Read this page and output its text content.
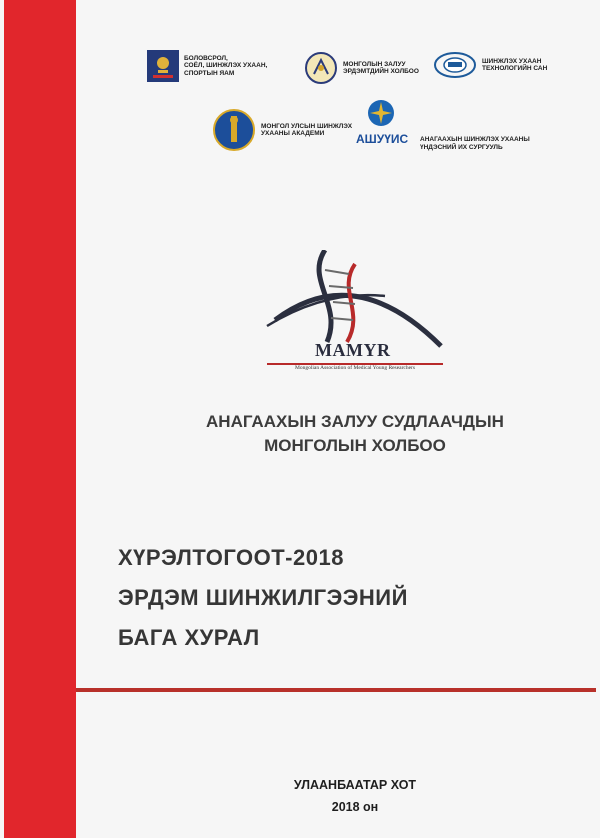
БОЛОВСРОЛ,
СОЁЛ, ШИНЖЛЭХ УХААН,
СПОРТЫН ЯАМ
МОНГОЛЫН ЗАЛУУ
ЭРДЭМТДИЙН ХОЛБОО
ШИНЖЛЭХ УХААН
ТЕХНОЛОГИЙН САН
МОНГОЛ УЛСЫН ШИНЖЛЭХ
УХААНЫ АКАДЕМИ	АШУҮИС АНАГААХЫН ШИНЖЛЭХ УХААНЫ
ҮНДЭСНИЙ ИХ СУРГУУЛЬ
MAMYR
Mongolian Association of Medical Young Researchers
АНАГААХЫН ЗАЛУУ СУДЛААЧДЫН
МОНГОЛЫН ХОЛБОО
ХҮРЭЛТОГООТ-2018
ЭРДЭМ ШИНЖИЛГЭЭНИЙ
БАГА ХУРАЛ
УЛААНБААТАР ХОТ
2018 он
